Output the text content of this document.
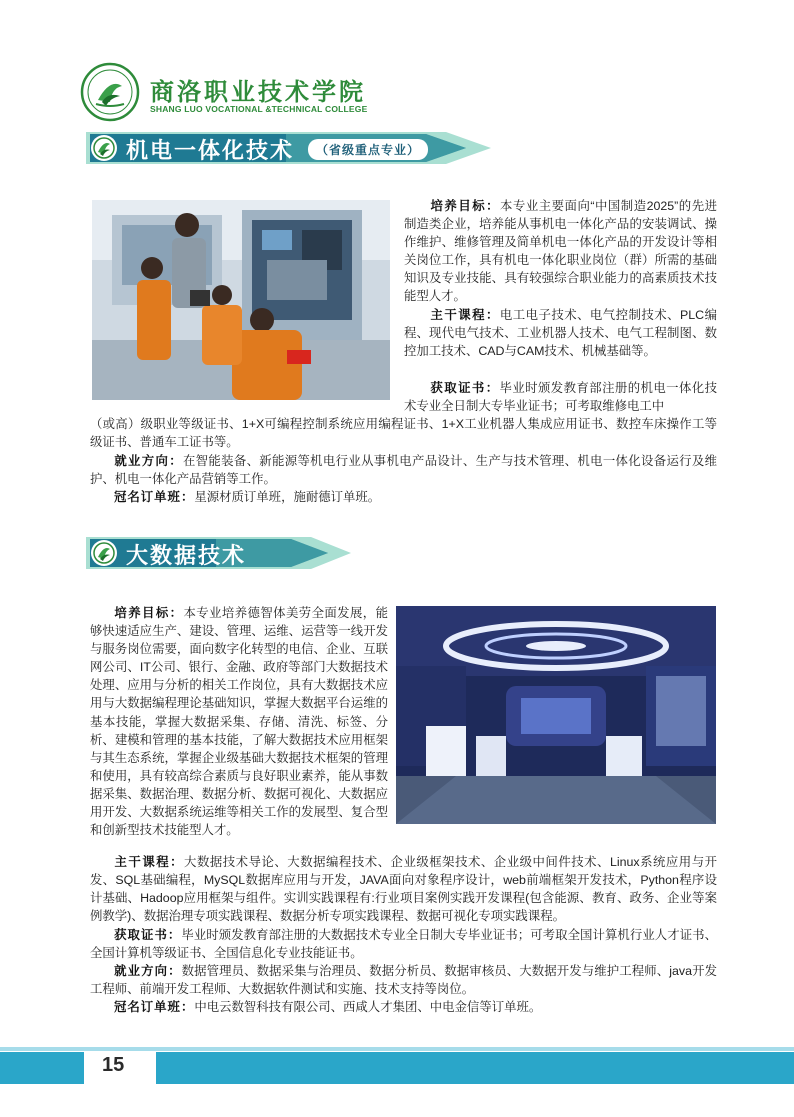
商洛职业技术学院
SHANG LUO VOCATIONAL &TECHNICAL COLLEGE
机电一体化技术	（省级重点专业）
培养目标：本专业主要面向“中国制造2025”的先进制造类企业，培养能从事机电一体化产品的安装调试、操作维护、维修管理及简单机电一体化产品的开发设计等相关岗位工作，具有机电一体化职业岗位（群）所需的基础知识及专业技能、具有较强综合职业能力的高素质技术技能型人才。
主干课程：电工电子技术、电气控制技术、PLC编程、现代电气技术、工业机器人技术、电气工程制图、数控加工技术、CAD与CAM技术、机械基础等。
获取证书：毕业时颁发教育部注册的机电一体化技术专业全日制大专毕业证书；可考取维修电工中
（或高）级职业等级证书、1+X可编程控制系统应用编程证书、1+X工业机器人集成应用证书、数控车床操作工等级证书、普通车工证书等。
就业方向：在智能装备、新能源等机电行业从事机电产品设计、生产与技术管理、机电一体化设备运行及维护、机电一体化产品营销等工作。
冠名订单班：星源材质订单班，施耐德订单班。
大数据技术
培养目标：本专业培养德智体美劳全面发展，能够快速适应生产、建设、管理、运维、运营等一线开发与服务岗位需要，面向数字化转型的电信、企业、互联网公司、IT公司、银行、金融、政府等部门大数据技术处理、应用与分析的相关工作岗位，具有大数据技术应用与大数据编程理论基础知识，掌握大数据平台运维的基本技能，掌握大数据采集、存储、清洗、标签、分析、建模和管理的基本技能，了解大数据技术应用框架与其生态系统，掌握企业级基础大数据技术框架的管理和使用，具有较高综合素质与良好职业素养，能从事数据采集、数据治理、数据分析、数据可视化、大数据应用开发、大数据系统运维等相关工作的发展型、复合型和创新型技术技能型人才。
主干课程：大数据技术导论、大数据编程技术、企业级框架技术、企业级中间件技术、Linux系统应用与开发、SQL基础编程，MySQL数据库应用与开发，JAVA面向对象程序设计，web前端框架开发技术，Python程序设计基础、Hadoop应用框架与组件。实训实践课程有:行业项目案例实践开发课程(包含能源、教育、政务、企业等案例教学)、数据治理专项实践课程、数据分析专项实践课程、数据可视化专项实践课程。
获取证书：毕业时颁发教育部注册的大数据技术专业全日制大专毕业证书；可考取全国计算机行业人才证书、全国计算机等级证书、全国信息化专业技能证书。
就业方向：数据管理员、数据采集与治理员、数据分析员、数据审核员、大数据开发与维护工程师、java开发工程师、前端开发工程师、大数据软件测试和实施、技术支持等岗位。
冠名订单班：中电云数智科技有限公司、西咸人才集团、中电金信等订单班。
15
